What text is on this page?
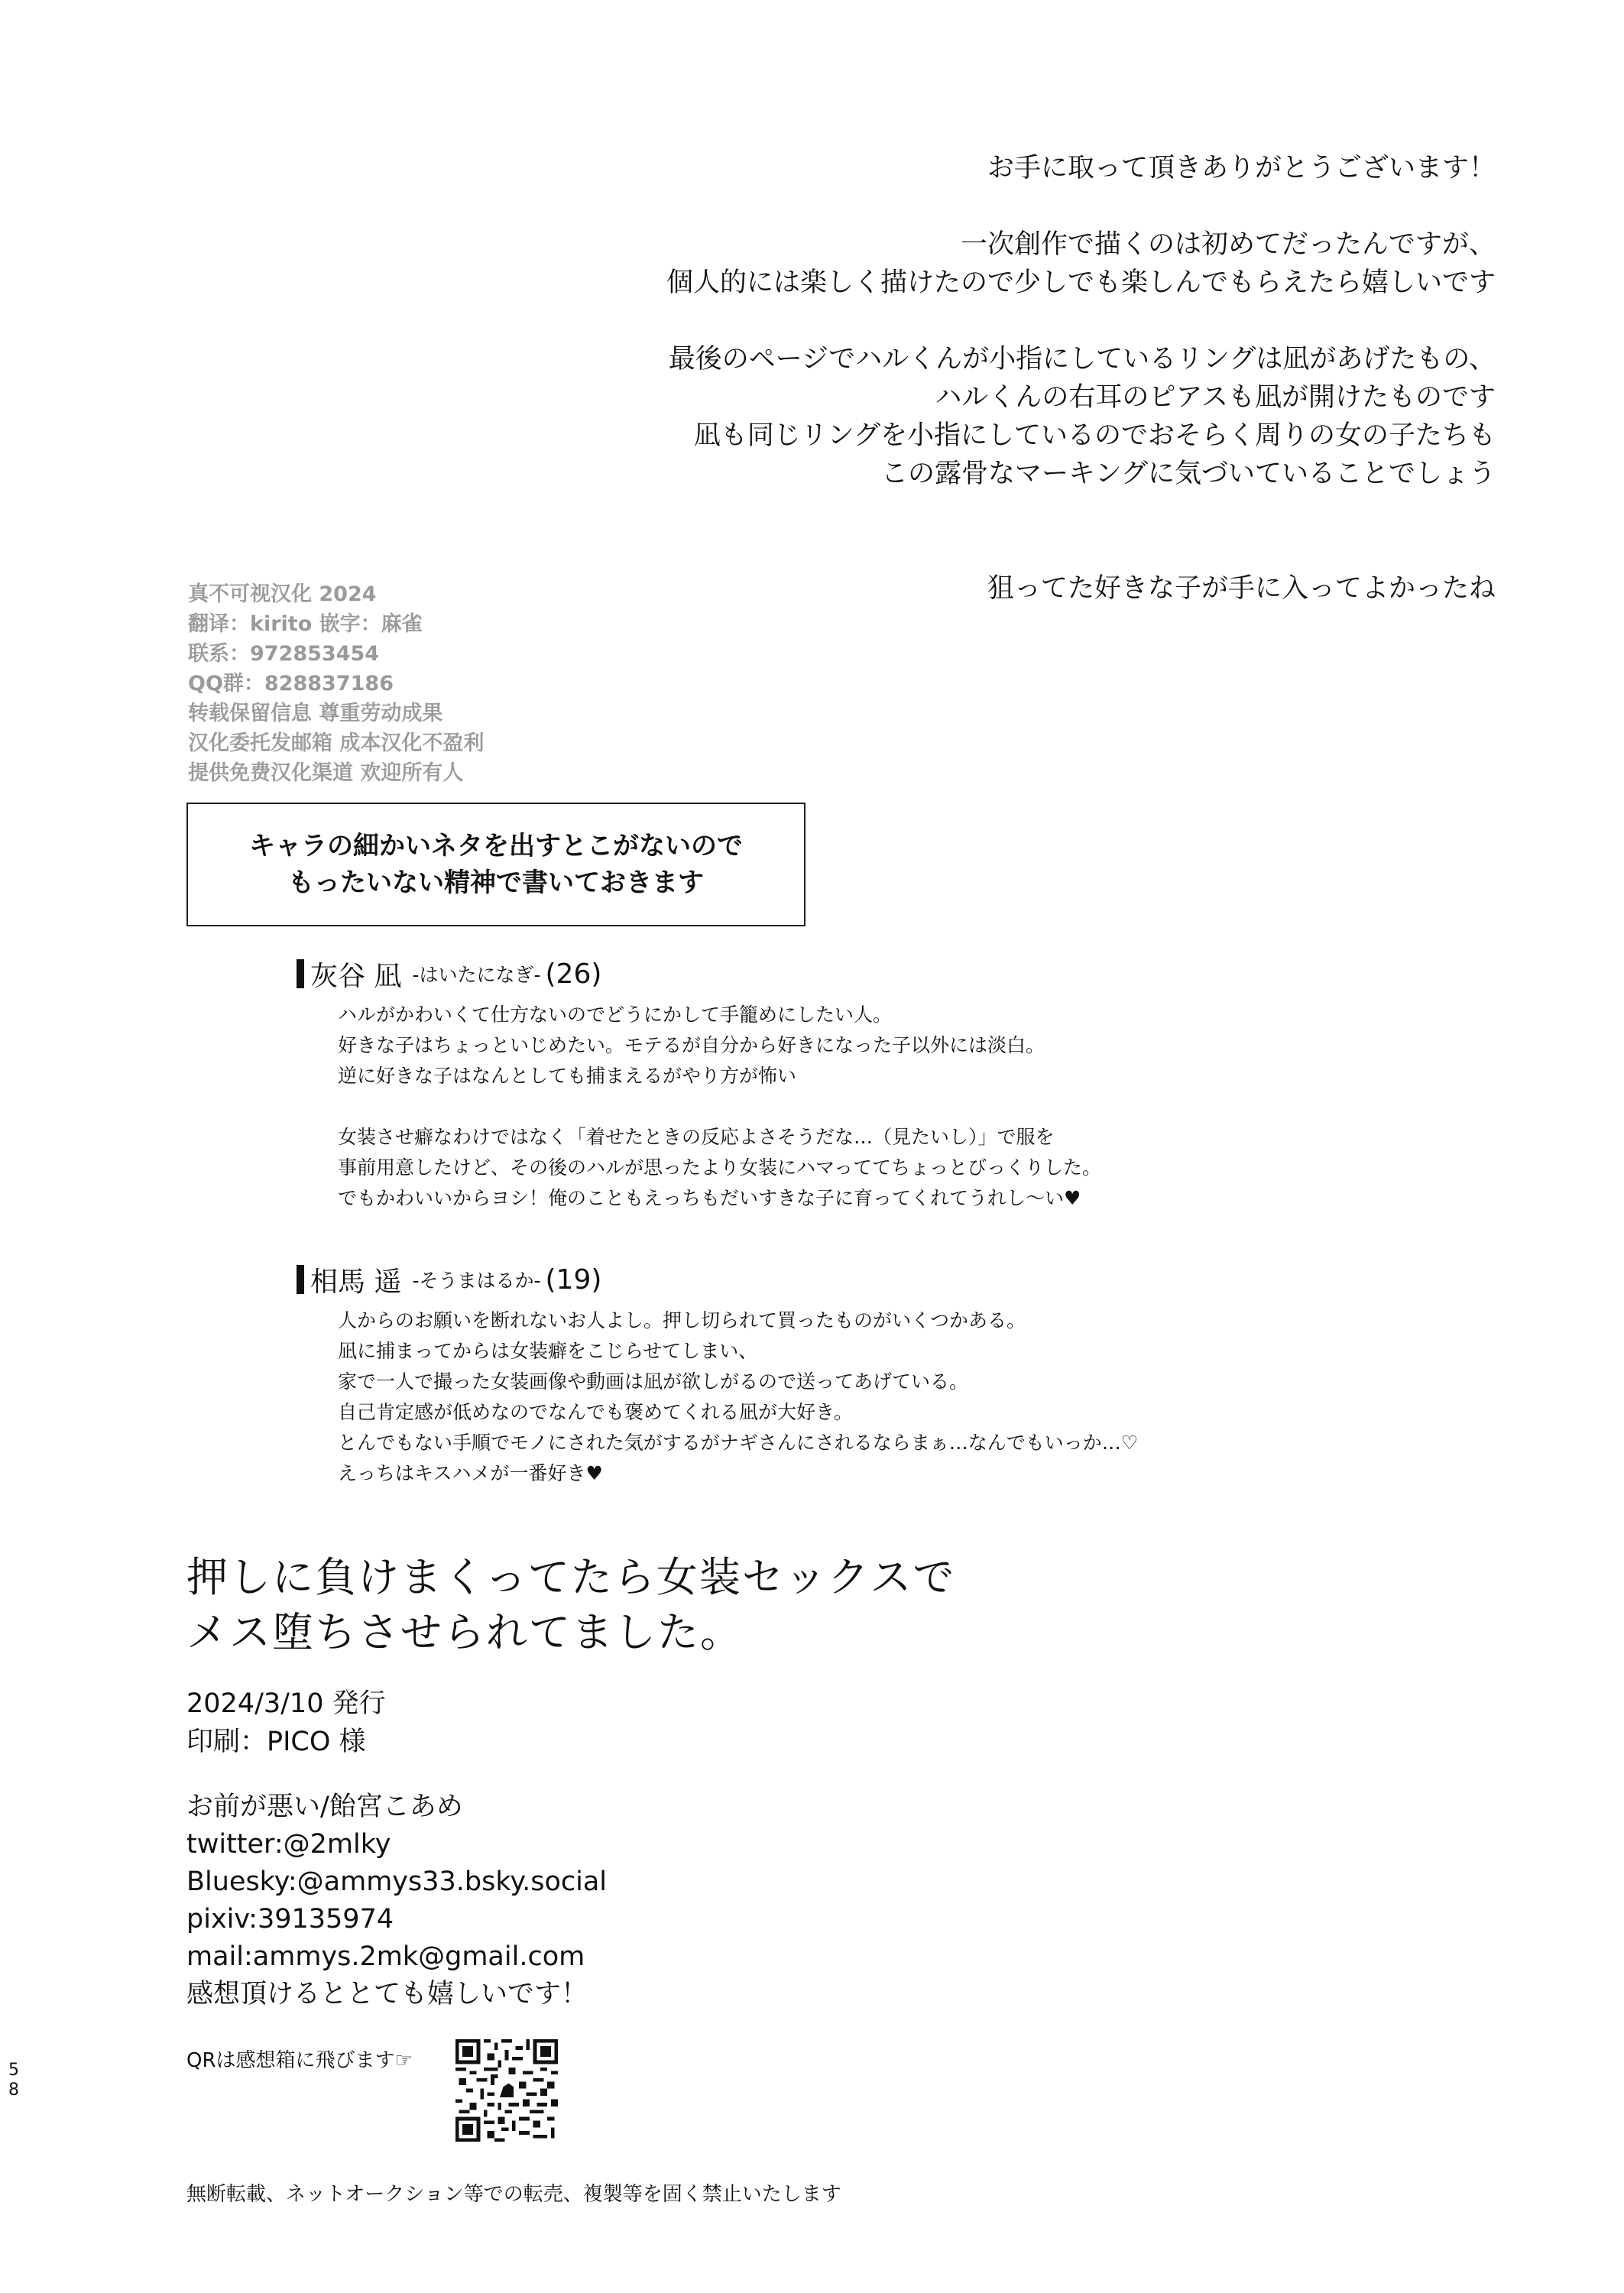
お手に取って頂きありがとうございます！
一次創作で描くのは初めてだったんですが、
個人的には楽しく描けたので少しでも楽しんでもらえたら嬉しいです
最後のページでハルくんが小指にしているリングは凪があげたもの、
ハルくんの右耳のピアスも凪が開けたものです
凪も同じリングを小指にしているのでおそらく周りの女の子たちも
この露骨なマーキングに気づいていることでしょう
狙ってた好きな子が手に入ってよかったね
真不可视汉化 2024
翻译：kirito 嵌字：麻雀
联系：972853454
QQ群：828837186
转载保留信息 尊重劳动成果
汉化委托发邮箱 成本汉化不盈利
提供免费汉化渠道 欢迎所有人
キャラの細かいネタを出すとこがないので
もったいない精神で書いておきます
灰谷 凪 -はいたになぎ- (26)
ハルがかわいくて仕方ないのでどうにかして手籠めにしたい人。
好きな子はちょっといじめたい。モテるが自分から好きになった子以外には淡白。
逆に好きな子はなんとしても捕まえるがやり方が怖い
女装させ癖なわけではなく「着せたときの反応よさそうだな…（見たいし）」で服を
事前用意したけど、その後のハルが思ったより女装にハマっててちょっとびっくりした。
でもかわいいからヨシ！俺のこともえっちもだいすきな子に育ってくれてうれし〜い♥
相馬 遥 -そうまはるか- (19)
人からのお願いを断れないお人よし。押し切られて買ったものがいくつかある。
凪に捕まってからは女装癖をこじらせてしまい、
家で一人で撮った女装画像や動画は凪が欲しがるので送ってあげている。
自己肯定感が低めなのでなんでも褒めてくれる凪が大好き。
とんでもない手順でモノにされた気がするがナギさんにされるならまぁ…なんでもいっか…♡
えっちはキスハメが一番好き♥
押しに負けまくってたら女装セックスで
メス堕ちさせられてました。
2024/3/10 発行
印刷：PICO 様
お前が悪い/飴宮こあめ
twitter:@2mlky
Bluesky:@ammys33.bsky.social
pixiv:39135974
mail:ammys.2mk@gmail.com
感想頂けるととても嬉しいです！
QRは感想箱に飛びます☞
5
8
無断転載、ネットオークション等での転売、複製等を固く禁止いたします
